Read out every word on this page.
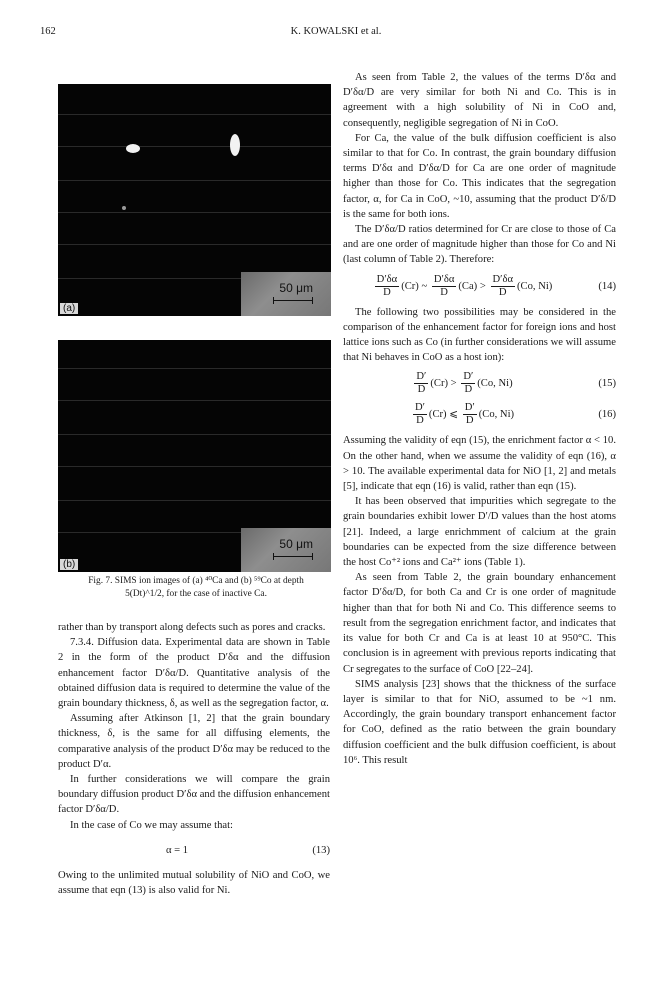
162	K. KOWALSKI et al.
50 μm
(a)
50 μm
(b)
Fig. 7. SIMS ion images of (a) ⁴⁰Ca and (b) ⁵⁹Co at depth 5(Dt)^1/2, for the case of inactive Ca.

rather than by transport along defects such as pores and cracks.

7.3.4. Diffusion data. Experimental data are shown in Table 2 in the form of the product D′δα and the diffusion enhancement factor D′δα/D. Quantitative analysis of the obtained diffusion data is required to determine the value of the grain boundary thickness, δ, as well as the segregation factor, α.

Assuming after Atkinson [1, 2] that the grain boundary thickness, δ, is the same for all diffusing elements, the comparative analysis of the product D′δα may be reduced to the product D′α.

In further considerations we will compare the grain boundary diffusion product D′δα and the diffusion enhancement factor D′δα/D.

In the case of Co we may assume that:

α = 1	(13)

Owing to the unlimited mutual solubility of NiO and CoO, we assume that eqn (13) is also valid for Ni.

As seen from Table 2, the values of the terms D′δα and D′δα/D are very similar for both Ni and Co. This is in agreement with a high solubility of Ni in CoO and, consequently, negligible segregation of Ni in CoO.

For Ca, the value of the bulk diffusion coefficient is also similar to that for Co. In contrast, the grain boundary diffusion terms D′δα and D′δα/D for Ca are one order of magnitude higher than those for Co. This indicates that the segregation factor, α, for Ca in CoO, ~10, assuming that the product D′δ/D is the same for both ions.

The D′δα/D ratios determined for Cr are close to those of Ca and are one order of magnitude higher than those for Co and Ni (last column of Table 2). Therefore:

$\frac{D'\delta\alpha}{D} (Cr)$ ~ $\frac{D'\delta\alpha}{D} (Ca) > \frac{D'\delta\alpha}{D} (Co$, Ni)	(14)

The following two possibilities may be considered in the comparison of the enhancement factor for foreign ions and host lattice ions such as Co (in further considerations we will assume that Ni behaves in CoO as a host ion):

$\frac{D'}{D} (Cr) > \frac{D'}{D} (Co$, Ni)	(15)
$\frac{D'}{D} (Cr)$ ⩽ $\frac{D'}{D} (Co$, Ni)	(16)

Assuming the validity of eqn (15), the enrichment factor α < 10. On the other hand, when we assume the validity of eqn (16), α > 10. The available experimental data for NiO [1, 2] and metals [5], indicate that eqn (16) is valid, rather than eqn (15).

It has been observed that impurities which segregate to the grain boundaries exhibit lower D′/D values than the host atoms [21]. Indeed, a large enrichmment of calcium at the grain boundaries can be expected from the size difference between the host Co⁺² ions and Ca²⁺ ions (Table 1).

As seen from Table 2, the grain boundary enhancement factor D′δα/D, for both Ca and Cr is one order of magnitude higher than that for both Ni and Co. This difference seems to result from the segregation enrichment factor, and indicates that its value for both Cr and Ca is at least 10 at 950°C. This conclusion is in agreement with previous reports indicating that Cr segregates to the surface of CoO [22–24].

SIMS analysis [23] shows that the thickness of the surface layer is similar to that for NiO, assumed to be ~1 nm. Accordingly, the grain boundary transport enhancement factor for CoO, defined as the ratio between the grain boundary diffusion coefficient and the bulk diffusion coefficient, is about 10⁶. This result
